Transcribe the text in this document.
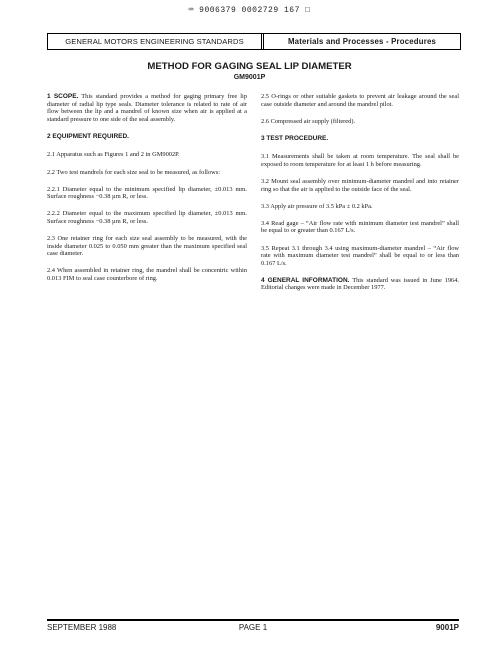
⌨ 9006379 0002729 167 □
GENERAL MOTORS ENGINEERING STANDARDS	Materials and Processes - Procedures
METHOD FOR GAGING SEAL LIP DIAMETER
GM9001P

1 SCOPE. This standard provides a method for gaging primary free lip diameter of radial lip type seals. Diameter tolerance is related to rate of air flow between the lip and a mandrel of known size when air is applied at a standard pressure to one side of the seal assembly.

2 EQUIPMENT REQUIRED.

2.1 Apparatus such as Figures 1 and 2 in GM9002P.

2.2 Two test mandrels for each size seal to be measured, as follows:

2.2.1 Diameter equal to the minimum specified lip diameter, ±0.013 mm. Surface roughness −0.38 µm Rₐ or less.

2.2.2 Diameter equal to the maximum specified lip diameter, ±0.013 mm. Surface roughness −0.38 µm Rₐ or less.

2.3 One retainer ring for each size seal assembly to be measured, with the inside diameter 0.025 to 0.050 mm greater than the maximum specified seal case diameter.

2.4 When assembled in retainer ring, the mandrel shall be concentric within 0.013 FIM to seal case counterbore of ring.

2.5 O-rings or other suitable gaskets to prevent air leakage around the seal case outside diameter and around the mandrel pilot.

2.6 Compressed air supply (filtered).

3 TEST PROCEDURE.

3.1 Measurements shall be taken at room temperature. The seal shall be exposed to room temperature for at least 1 h before measuring.

3.2 Mount seal assembly over minimum-diameter mandrel and into retainer ring so that the air is applied to the outside face of the seal.

3.3 Apply air pressure of 3.5 kPa ± 0.2 kPa.

3.4 Read gage – “Air flow rate with minimum diameter test mandrel” shall be equal to or greater than 0.167 L/s.

3.5 Repeat 3.1 through 3.4 using maximum-diameter mandrel – “Air flow rate with maximum diameter test mandrel” shall be equal to or less than 0.167 L/s.

4 GENERAL INFORMATION. This standard was issued in June 1964. Editorial changes were made in December 1977.

SEPTEMBER 1988	PAGE 1	9001P
